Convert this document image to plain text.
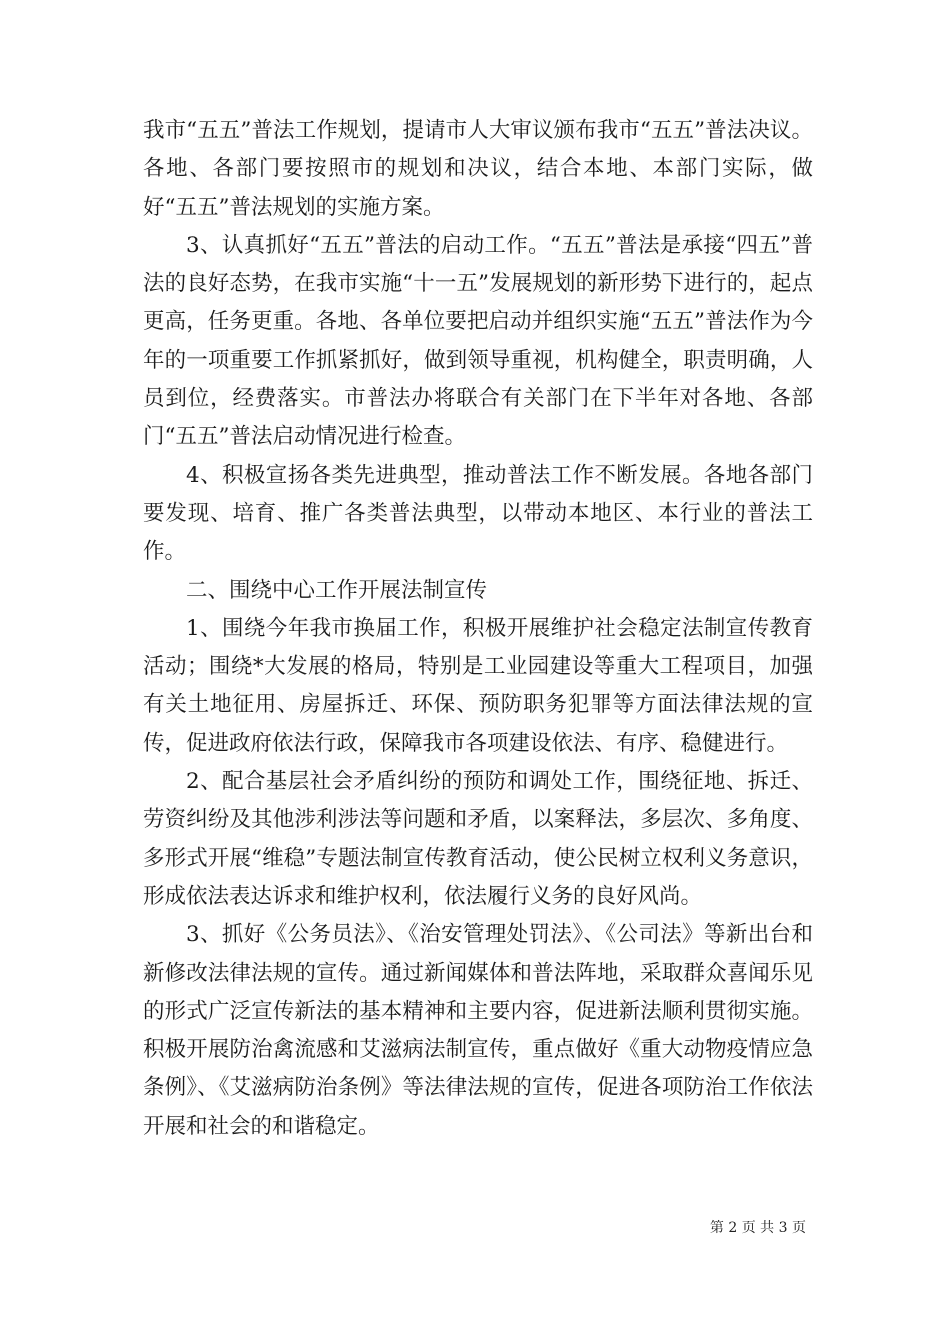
我市“五五”普法工作规划，提请市人大审议颁布我市“五五”普法决议。各地、各部门要按照市的规划和决议，结合本地、本部门实际，做好“五五”普法规划的实施方案。

3、认真抓好“五五”普法的启动工作。“五五”普法是承接“四五”普法的良好态势，在我市实施“十一五”发展规划的新形势下进行的，起点更高，任务更重。各地、各单位要把启动并组织实施“五五”普法作为今年的一项重要工作抓紧抓好，做到领导重视，机构健全，职责明确，人员到位，经费落实。市普法办将联合有关部门在下半年对各地、各部门“五五”普法启动情况进行检查。

4、积极宣扬各类先进典型，推动普法工作不断发展。各地各部门要发现、培育、推广各类普法典型，以带动本地区、本行业的普法工作。

二、围绕中心工作开展法制宣传

1、围绕今年我市换届工作，积极开展维护社会稳定法制宣传教育活动；围绕*大发展的格局，特别是工业园建设等重大工程项目，加强有关土地征用、房屋拆迁、环保、预防职务犯罪等方面法律法规的宣传，促进政府依法行政，保障我市各项建设依法、有序、稳健进行。

2、配合基层社会矛盾纠纷的预防和调处工作，围绕征地、拆迁、劳资纠纷及其他涉利涉法等问题和矛盾，以案释法，多层次、多角度、多形式开展“维稳”专题法制宣传教育活动，使公民树立权利义务意识，形成依法表达诉求和维护权利，依法履行义务的良好风尚。

3、抓好《公务员法》、《治安管理处罚法》、《公司法》等新出台和新修改法律法规的宣传。通过新闻媒体和普法阵地，采取群众喜闻乐见的形式广泛宣传新法的基本精神和主要内容，促进新法顺利贯彻实施。积极开展防治禽流感和艾滋病法制宣传，重点做好《重大动物疫情应急条例》、《艾滋病防治条例》等法律法规的宣传，促进各项防治工作依法开展和社会的和谐稳定。

第 2 页 共 3 页
